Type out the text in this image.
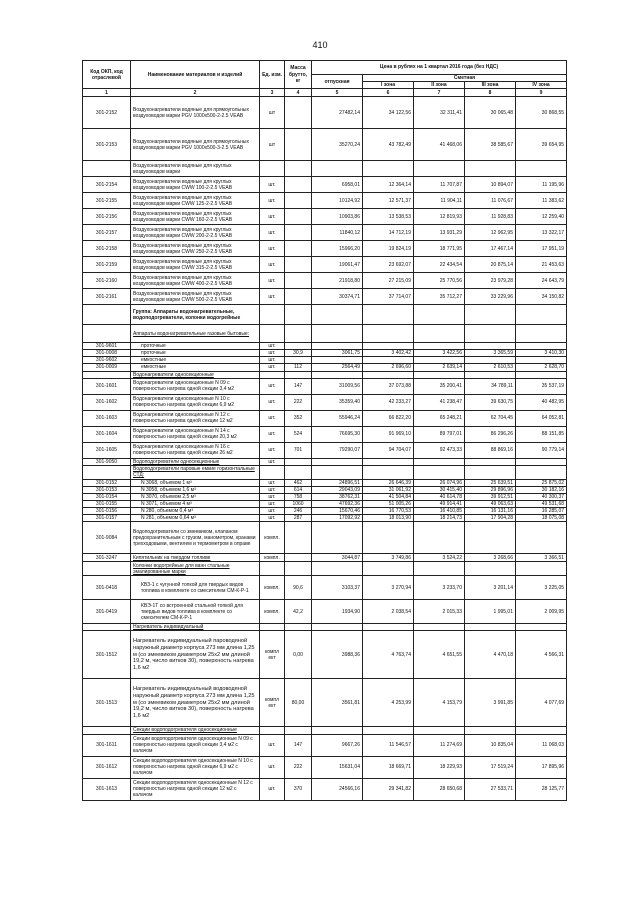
410
Код ОКП, код отраслевой	Наименование материалов и изделий	Ед. изм.	Масса брутто, кг	Цена в рублях на 1 квартал 2016 года (без НДС)				
				отпускная	Сметная			
					I зона	II зона	III зона	IV зона
1	2	3	4	5	6	7	8	9
301-2152	Воздухонагреватели водяные для прямоугольных воздуховодов марки PGV 1000х500-2-2.5 VEAB	шт		27482,14	34 122,56	32 311,41	30 065,48	30 868,55
301-2153	Воздухонагреватели водяные для прямоугольных воздуховодов марки PGV 1000х500-3-2.5 VEAB	шт		35270,24	43 782,49	41 468,06	38 585,67	39 654,95
	Воздухонагреватели водяные для круглых воздуховодов марки							
301-2154	Воздухонагреватели водяные для круглых воздуховодов марки CWW 100-2-2.5 VEAB	шт.		6958,01	12 364,14	11 707,87	10 894,07	11 195,96
301-2155	Воздухонагреватели водяные для круглых воздуховодов марки CWW 125-2-2.5 VEAB	шт.		10124,92	12 571,37	11 904,11	11 076,67	11 383,62
301-2156	Воздухонагреватели водяные для круглых воздуховодов марки CWW 160-2-2.5 VEAB	шт.		10903,86	13 538,53	12 819,93	11 928,83	12 259,40
301-2157	Воздухонагреватели водяные для круглых воздуховодов марки CWW 200-2-2.5 VEAB	шт.		11840,12	14 712,19	13 931,29	12 962,95	13 322,17
301-2158	Воздухонагреватели водяные для круглых воздуховодов марки CWW 250-2-2.5 VEAB	шт.		15966,20	19 824,19	18 771,95	17 467,14	17 951,19
301-2159	Воздухонагреватели водяные для круглых воздуховодов марки CWW 315-2-2.5 VEAB	шт.		19061,47	23 692,07	22 434,54	20 875,14	21 453,63
301-2160	Воздухонагреватели водяные для круглых воздуховодов марки CWW 400-2-2.5 VEAB	шт.		21918,80	27 215,09	25 770,56	23 979,28	24 643,79
301-2161	Воздухонагреватели водяные для круглых воздуховодов марки CWW 500-2-2.5 VEAB	шт.		30374,71	37 714,07	35 712,27	33 229,96	34 150,82
	Группа: Аппараты водонагревательные, водоподогреватели, колонки водогрейные							
	Аппараты водонагревательные газовые бытовые:							
301-9601	проточные	шт.						
301-0008	проточные	шт.	30,9	3061,75	3 402,42	3 422,56	3 365,59	3 410,30
301-9602	емкостные	шт.						
301-0009	емкостные	шт.	112	2564,49	2 696,60	2 639,14	2 610,53	2 628,70
	Водонагреватели односекционные							
301-1601	Водонагреватели односекционные N 09 с поверхностью нагрева одной секции 3,4 м2	шт.	147	31009,56	37 073,88	35 200,41	34 789,11	35 537,19
301-1602	Водонагреватели односекционные N 10 с поверхностью нагрева одной секции 6,9 м2	шт.	222	35359,40	42 233,27	41 238,47	39 630,75	40 482,95
301-1603	Водонагреватели односекционные N 12 с поверхностью нагрева одной секции 12 м2	шт.	352	55946,24	66 822,20	65 248,21	62 704,45	64 052,81
301-1604	Водонагреватели односекционные N 14 с поверхностью нагрева одной секции 20,3 м2	шт.	524	76695,30	91 969,10	89 797,01	86 296,26	88 151,85
301-1605	Водонагреватели односекционные N 16 с поверхностью нагрева одной секции 26 м2	шт.	701	79290,07	94 704,07	92 473,33	88 869,16	90 779,14
301-9050	Водоподогреватели односекционные	шт.						
	Водоподогреватели паровые емкие горизонтальные СТД:							
301-0152	N 3068, объемом 1 м³	шт.	462	24896,51	26 646,39	26 074,96	25 639,51	25 875,02
301-0153	N 3058, объемом 1,6 м³	шт.	614	29043,09	31 061,92	30 415,40	29 896,96	30 182,16
301-0154	N 3070, объемом 2,5 м³	шт.	758	38762,31	41 504,84	40 614,78	39 912,51	40 300,37
301-0155	N 3071, объемом 4 м³	шт.	1060	47692,36	51 005,26	49 914,41	49 063,63	49 531,68
301-0156	N 280, объемом 0,4 м³	шт.	246	15670,46	16 770,53	16 410,85	16 131,16	16 285,07
301-0157	N 281, объемом 0,64 м³	шт.	287	17092,92	18 013,90	18 214,73	17 904,28	18 075,08
301-9084	Водоподогреватели со змеевиком, клапаном предохранительным с грузом, манометром, кранами трехходовыми, вентилем и термометром в оправе	компл.						
301-3247	Кипятильник на твердом топливе	компл.		3044,87	3 749,86	3 524,22	3 268,66	3 366,51
	Колонки водогрейные для ванн стальные эмалированные марки							
301-0418	КВЗ-1 с чугунной топкой для твердых видов топлива в комплекте со смесителем СМ-К-Р-1	компл.	90,6	3103,37	3 270,94	3 233,70	3 201,14	3 225,05
301-0419	КВЭ-1Т со встроенной стальной топкой для твердых видов топлива в комплекте со смесителем СМ-К-Р-1	компл.	42,2	1934,90	2 038,54	2 015,33	1 995,01	2 009,95
	Нагреватель индивидуальный							
301-1512	Нагреватель индивидуальный пароводяной наружный диаметр корпуса 273 мм длина 1,25 м (со змеевиком диаметром 25x2 мм длиной 19,2 м, число витков 30), поверхность нагрева 1,6 м2	компл ект	0,00	3988,36	4 763,74	4 651,55	4 470,18	4 566,31
301-1513	Нагреватель индивидуальный водоводяной наружный диаметр корпуса 273 мм длина 1,25 м (со змеевиком диаметром 25x2 мм длиной 19,2 м, число витков 30), поверхность нагрева 1,6 м2	компл ект	80,00	3561,81	4 253,99	4 153,79	3 991,85	4 077,69
	Секции водоподогревателя односекционные							
301-1611	Секции водоподогревателя односекционные N 09 с поверхностью нагрева одной секции 3,4 м2 с калачом	шт.	147	9667,26	11 546,57	11 274,69	10 835,04	11 068,03
301-1612	Секции водоподогревателя односекционные N 10 с поверхностью нагрева одной секции 6,9 м2 с калачом	шт.	222	15631,04	18 669,71	18 229,93	17 519,24	17 895,96
301-1613	Секции водоподогревателя односекционные N 12 с поверхностью нагрева одной секции 12 м2 с калачом	шт.	370	24566,16	29 341,82	28 650,68	27 533,71	28 125,77
